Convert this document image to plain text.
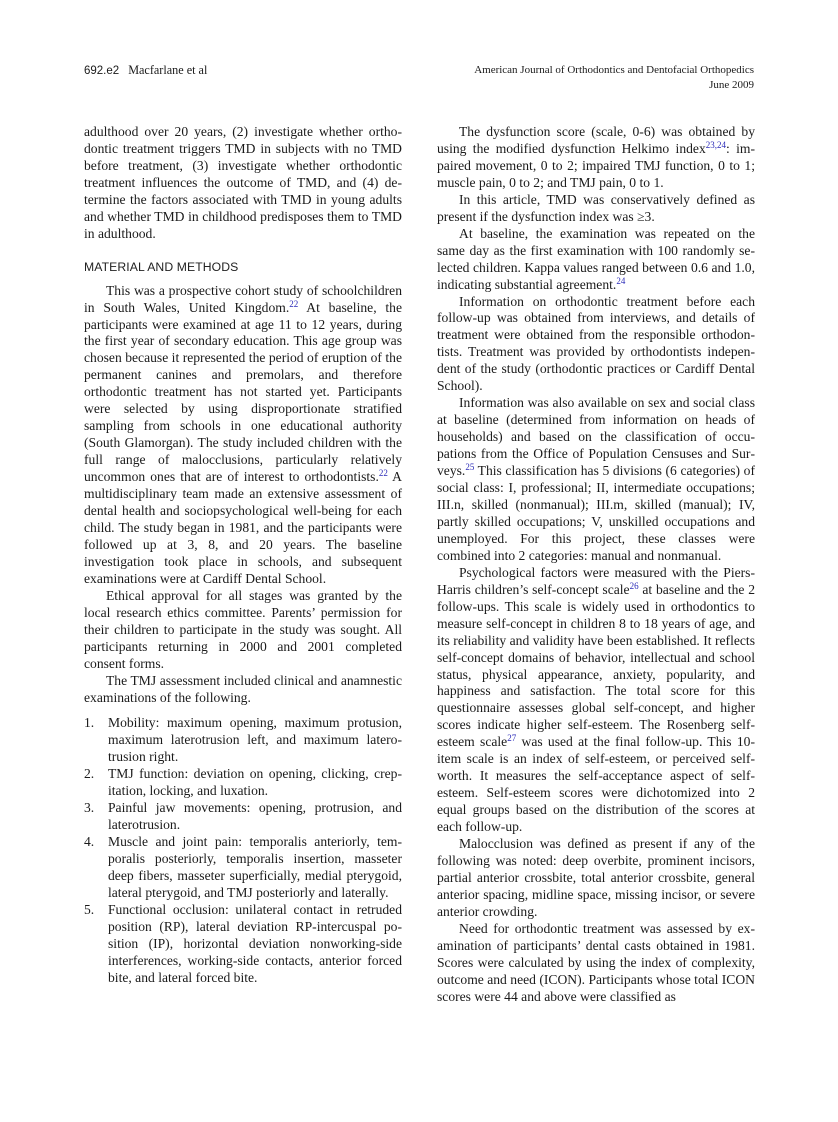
692.e2 Macfarlane et al	American Journal of Orthodontics and Dentofacial Orthopedics
June 2009

adulthood over 20 years, (2) investigate whether orthodontic treatment triggers TMD in subjects with no TMD before treatment, (3) investigate whether orthodontic treatment influences the outcome of TMD, and (4) determine the factors associated with TMD in young adults and whether TMD in childhood predisposes them to TMD in adulthood.

MATERIAL AND METHODS

This was a prospective cohort study of schoolchildren in South Wales, United Kingdom.$^{22}$ At baseline, the participants were examined at age 11 to 12 years, during the first year of secondary education. This age group was chosen because it represented the period of eruption of the permanent canines and premolars, and therefore orthodontic treatment has not started yet. Participants were selected by using disproportionate stratified sampling from schools in one educational authority (South Glamorgan). The study included children with the full range of malocclusions, particularly relatively uncommon ones that are of interest to orthodontists.$^{22}$ A multidisciplinary team made an extensive assessment of dental health and sociopsychological well-being for each child. The study began in 1981, and the participants were followed up at 3, 8, and 20 years. The baseline investigation took place in schools, and subsequent examinations were at Cardiff Dental School.

Ethical approval for all stages was granted by the local research ethics committee. Parents’ permission for their children to participate in the study was sought. All participants returning in 2000 and 2001 completed consent forms.

The TMJ assessment included clinical and anamnestic examinations of the following.

1. Mobility: maximum opening, maximum protusion, maximum laterotrusion left, and maximum laterotrusion right.
2. TMJ function: deviation on opening, clicking, crepitation, locking, and luxation.
3. Painful jaw movements: opening, protrusion, and laterotrusion.
4. Muscle and joint pain: temporalis anteriorly, temporalis posteriorly, temporalis insertion, masseter deep fibers, masseter superficially, medial pterygoid, lateral pterygoid, and TMJ posteriorly and laterally.
5. Functional occlusion: unilateral contact in retruded position (RP), lateral deviation RP-intercuspal position (IP), horizontal deviation nonworking-side interferences, working-side contacts, anterior forced bite, and lateral forced bite.

The dysfunction score (scale, 0-6) was obtained by using the modified dysfunction Helkimo index$^{23,24}$: impaired movement, 0 to 2; impaired TMJ function, 0 to 1; muscle pain, 0 to 2; and TMJ pain, 0 to 1.

In this article, TMD was conservatively defined as present if the dysfunction index was ≥3.

At baseline, the examination was repeated on the same day as the first examination with 100 randomly selected children. Kappa values ranged between 0.6 and 1.0, indicating substantial agreement.$^{24}$

Information on orthodontic treatment before each follow-up was obtained from interviews, and details of treatment were obtained from the responsible orthodontists. Treatment was provided by orthodontists independent of the study (orthodontic practices or Cardiff Dental School).

Information was also available on sex and social class at baseline (determined from information on heads of households) and based on the classification of occupations from the Office of Population Censuses and Surveys.$^{25}$ This classification has 5 divisions (6 categories) of social class: I, professional; II, intermediate occupations; III.n, skilled (nonmanual); III.m, skilled (manual); IV, partly skilled occupations; V, unskilled occupations and unemployed. For this project, these classes were combined into 2 categories: manual and nonmanual.

Psychological factors were measured with the Piers-Harris children’s self-concept scale$^{26}$ at baseline and the 2 follow-ups. This scale is widely used in orthodontics to measure self-concept in children 8 to 18 years of age, and its reliability and validity have been established. It reflects self-concept domains of behavior, intellectual and school status, physical appearance, anxiety, popularity, and happiness and satisfaction. The total score for this questionnaire assesses global self-concept, and higher scores indicate higher self-esteem. The Rosenberg self-esteem scale$^{27}$ was used at the final follow-up. This 10-item scale is an index of self-esteem, or perceived self-worth. It measures the self-acceptance aspect of self-esteem. Self-esteem scores were dichotomized into 2 equal groups based on the distribution of the scores at each follow-up.

Malocclusion was defined as present if any of the following was noted: deep overbite, prominent incisors, partial anterior crossbite, total anterior crossbite, general anterior spacing, midline space, missing incisor, or severe anterior crowding.

Need for orthodontic treatment was assessed by examination of participants’ dental casts obtained in 1981. Scores were calculated by using the index of complexity, outcome and need (ICON). Participants whose total ICON scores were 44 and above were classified as
